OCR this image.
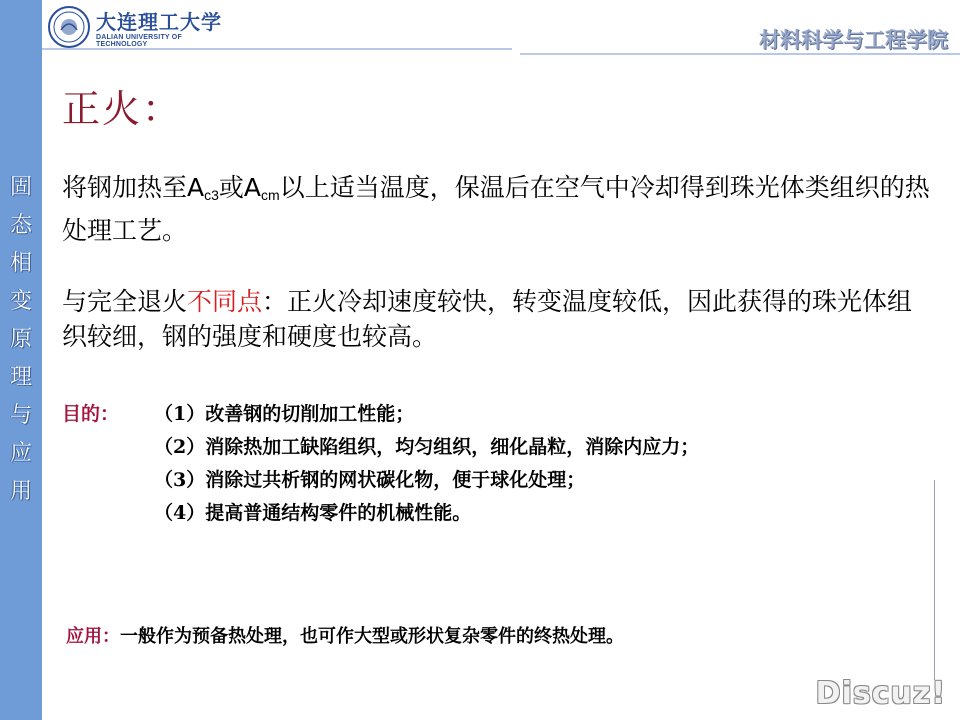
固
态
相
变
原
理
与
应
用
大连理工大学
DALIAN UNIVERSITY OF TECHNOLOGY	材料科学与工程学院
正火：
将钢加热至$A_{c3}$或$A_{cm}$以上适当温度，保温后在空气中冷却得到珠光体类组织的热处理工艺。
与完全退火不同点：正火冷却速度较快，转变温度较低，因此获得的珠光体组织较细，钢的强度和硬度也较高。
目的： （1）改善钢的切削加工性能；
（2）消除热加工缺陷组织，均匀组织，细化晶粒，消除内应力；
（3）消除过共析钢的网状碳化物，便于球化处理；
（4）提高普通结构零件的机械性能。
应用：一般作为预备热处理，也可作大型或形状复杂零件的终热处理。
Discuz!
